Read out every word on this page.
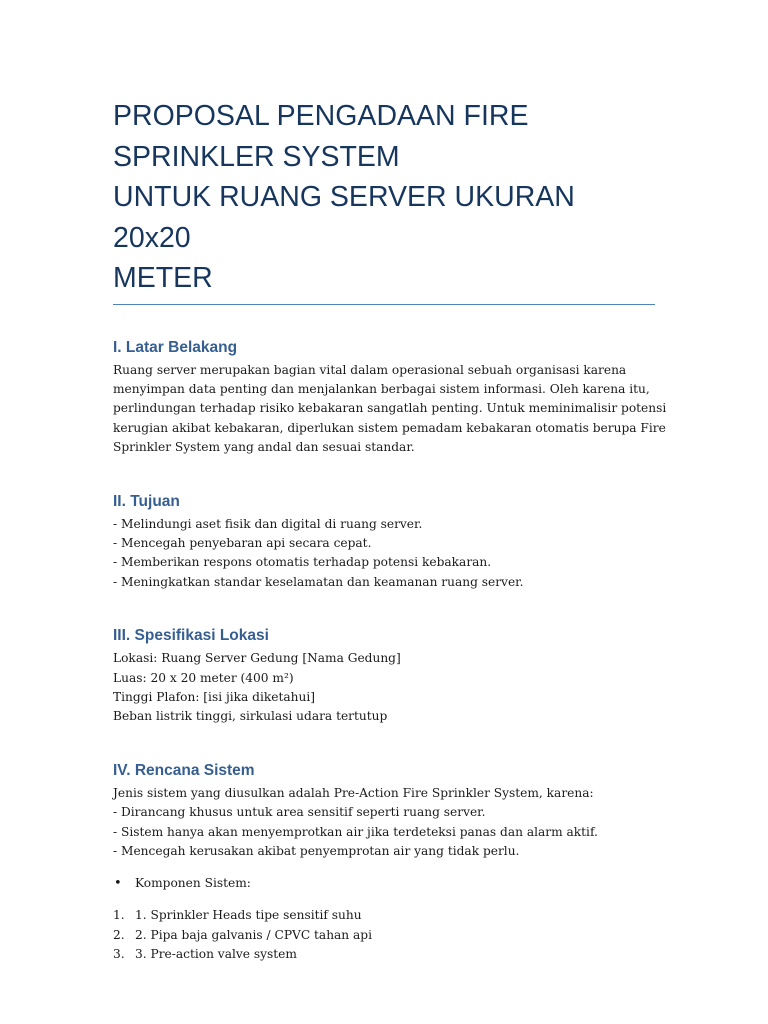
PROPOSAL PENGADAAN FIRE
SPRINKLER SYSTEM
UNTUK RUANG SERVER UKURAN 20x20
METER
I. Latar Belakang

Ruang server merupakan bagian vital dalam operasional sebuah organisasi karena
menyimpan data penting dan menjalankan berbagai sistem informasi. Oleh karena itu,
perlindungan terhadap risiko kebakaran sangatlah penting. Untuk meminimalisir potensi
kerugian akibat kebakaran, diperlukan sistem pemadam kebakaran otomatis berupa Fire
Sprinkler System yang andal dan sesuai standar.

II. Tujuan

- Melindungi aset fisik dan digital di ruang server.
- Mencegah penyebaran api secara cepat.
- Memberikan respons otomatis terhadap potensi kebakaran.
- Meningkatkan standar keselamatan dan keamanan ruang server.

III. Spesifikasi Lokasi

Lokasi: Ruang Server Gedung [Nama Gedung]
Luas: 20 x 20 meter (400 m²)
Tinggi Plafon: [isi jika diketahui]
Beban listrik tinggi, sirkulasi udara tertutup

IV. Rencana Sistem

Jenis sistem yang diusulkan adalah Pre-Action Fire Sprinkler System, karena:
- Dirancang khusus untuk area sensitif seperti ruang server.
- Sistem hanya akan menyemprotkan air jika terdeteksi panas dan alarm aktif.
- Mencegah kerusakan akibat penyemprotan air yang tidak perlu.

• Komponen Sistem:
1. 1. Sprinkler Heads tipe sensitif suhu
2. 2. Pipa baja galvanis / CPVC tahan api
3. 3. Pre-action valve system
